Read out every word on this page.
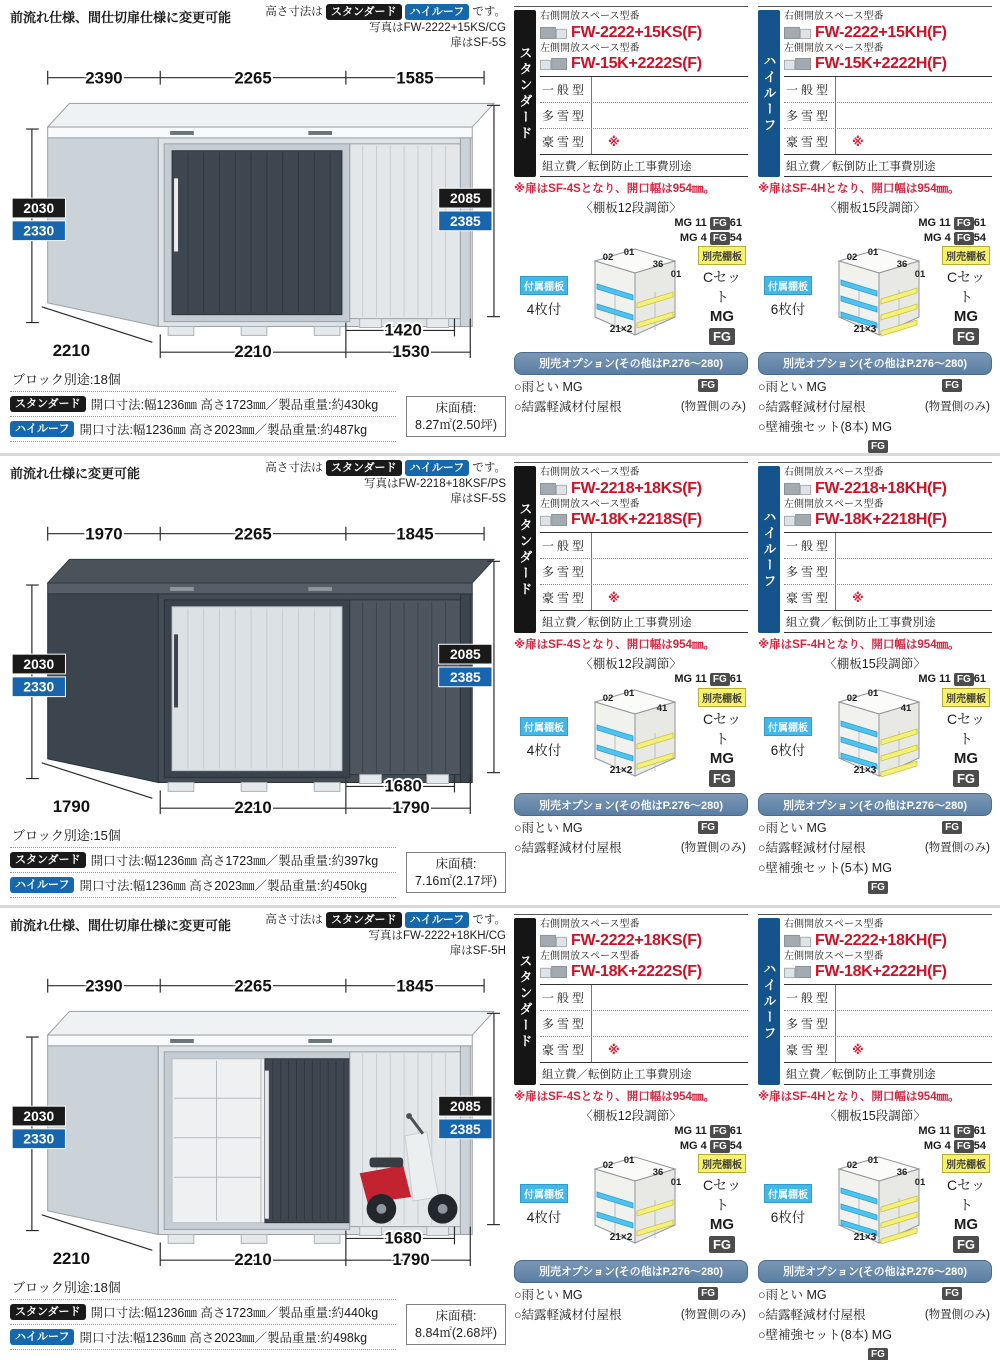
前流れ仕様、間仕切扉仕様に変更可能	高さ寸法は スタンダード ハイルーフ です。
写真はFW-2222+15KS/CG
扉はSF-5S
2390	2265	1585
2030
2330
2085
2385
2210	2210
1420
1530
ブロック別途:18個
スタンダード 開口寸法:幅1236㎜ 高さ1723㎜／製品重量:約430kg
ハイルーフ 開口寸法:幅1236㎜ 高さ2023㎜／製品重量:約487kg
床面積:
8.27㎡(2.50坪)
スタンダード
右側開放スペース型番
FW-2222+15KS(F)
左側開放スペース型番
FW-15K+2222S(F)
一般型
多雪型
豪雪型	※
組立費／転倒防止工事費別途
※扉はSF-4Sとなり、開口幅は954㎜。
〈棚板12段調節〉
MG 11 FG 61
MG 4 FG 54
付属棚板
4枚付
02 01
36
01
21×2
別売棚板
Cセット
MG
FG
別売オプション(その他はP.276〜280)
○雨とい MG	FG
○結露軽減材付屋根	(物置側のみ)
ハイルーフ
右側開放スペース型番
FW-2222+15KH(F)
左側開放スペース型番
FW-15K+2222H(F)
一般型
多雪型
豪雪型	※
組立費／転倒防止工事費別途
※扉はSF-4Hとなり、開口幅は954㎜。
〈棚板15段調節〉
MG 11 FG 61
MG 4 FG 54
付属棚板
6枚付
02 01
36
01
21×3
別売棚板
Cセット
MG
FG
別売オプション(その他はP.276〜280)
○雨とい MG	FG
○結露軽減材付屋根	(物置側のみ)
○壁補強セット(8本) MG
FG
前流れ仕様に変更可能	高さ寸法は スタンダード ハイルーフ です。
写真はFW-2218+18KSF/PS
扉はSF-5S
1970	2265	1845
2030
2330
2085
2385
1790	2210
1680
1790
ブロック別途:15個
スタンダード 開口寸法:幅1236㎜ 高さ1723㎜／製品重量:約397kg
ハイルーフ 開口寸法:幅1236㎜ 高さ2023㎜／製品重量:約450kg
床面積:
7.16㎡(2.17坪)
スタンダード
右側開放スペース型番
FW-2218+18KS(F)
左側開放スペース型番
FW-18K+2218S(F)
一般型
多雪型
豪雪型	※
組立費／転倒防止工事費別途
※扉はSF-4Sとなり、開口幅は954㎜。
〈棚板12段調節〉
MG 11 FG 61
付属棚板
4枚付
02 01
41
21×2
別売棚板
Cセット
MG
FG
別売オプション(その他はP.276〜280)
○雨とい MG	FG
○結露軽減材付屋根	(物置側のみ)
ハイルーフ
右側開放スペース型番
FW-2218+18KH(F)
左側開放スペース型番
FW-18K+2218H(F)
一般型
多雪型
豪雪型	※
組立費／転倒防止工事費別途
※扉はSF-4Hとなり、開口幅は954㎜。
〈棚板15段調節〉
MG 11 FG 61
付属棚板
6枚付
02 01
41
21×3
別売棚板
Cセット
MG
FG
別売オプション(その他はP.276〜280)
○雨とい MG	FG
○結露軽減材付屋根	(物置側のみ)
○壁補強セット(5本) MG
FG
前流れ仕様、間仕切扉仕様に変更可能	高さ寸法は スタンダード ハイルーフ です。
写真はFW-2222+18KH/CG
扉はSF-5H
2390	2265	1845
2030
2330
2085
2385
2210	2210
1680
1790
ブロック別途:18個
スタンダード 開口寸法:幅1236㎜ 高さ1723㎜／製品重量:約440kg
ハイルーフ 開口寸法:幅1236㎜ 高さ2023㎜／製品重量:約498kg
床面積:
8.84㎡(2.68坪)
スタンダード
右側開放スペース型番
FW-2222+18KS(F)
左側開放スペース型番
FW-18K+2222S(F)
一般型
多雪型
豪雪型	※
組立費／転倒防止工事費別途
※扉はSF-4Sとなり、開口幅は954㎜。
〈棚板12段調節〉
MG 11 FG 61
MG 4 FG 54
付属棚板
4枚付
02 01
36
01
21×2
別売棚板
Cセット
MG
FG
別売オプション(その他はP.276〜280)
○雨とい MG	FG
○結露軽減材付屋根	(物置側のみ)
ハイルーフ
右側開放スペース型番
FW-2222+18KH(F)
左側開放スペース型番
FW-18K+2222H(F)
一般型
多雪型
豪雪型	※
組立費／転倒防止工事費別途
※扉はSF-4Hとなり、開口幅は954㎜。
〈棚板15段調節〉
MG 11 FG 61
MG 4 FG 54
付属棚板
6枚付
02 01
36
01
21×3
別売棚板
Cセット
MG
FG
別売オプション(その他はP.276〜280)
○雨とい MG	FG
○結露軽減材付屋根	(物置側のみ)
○壁補強セット(8本) MG
FG
